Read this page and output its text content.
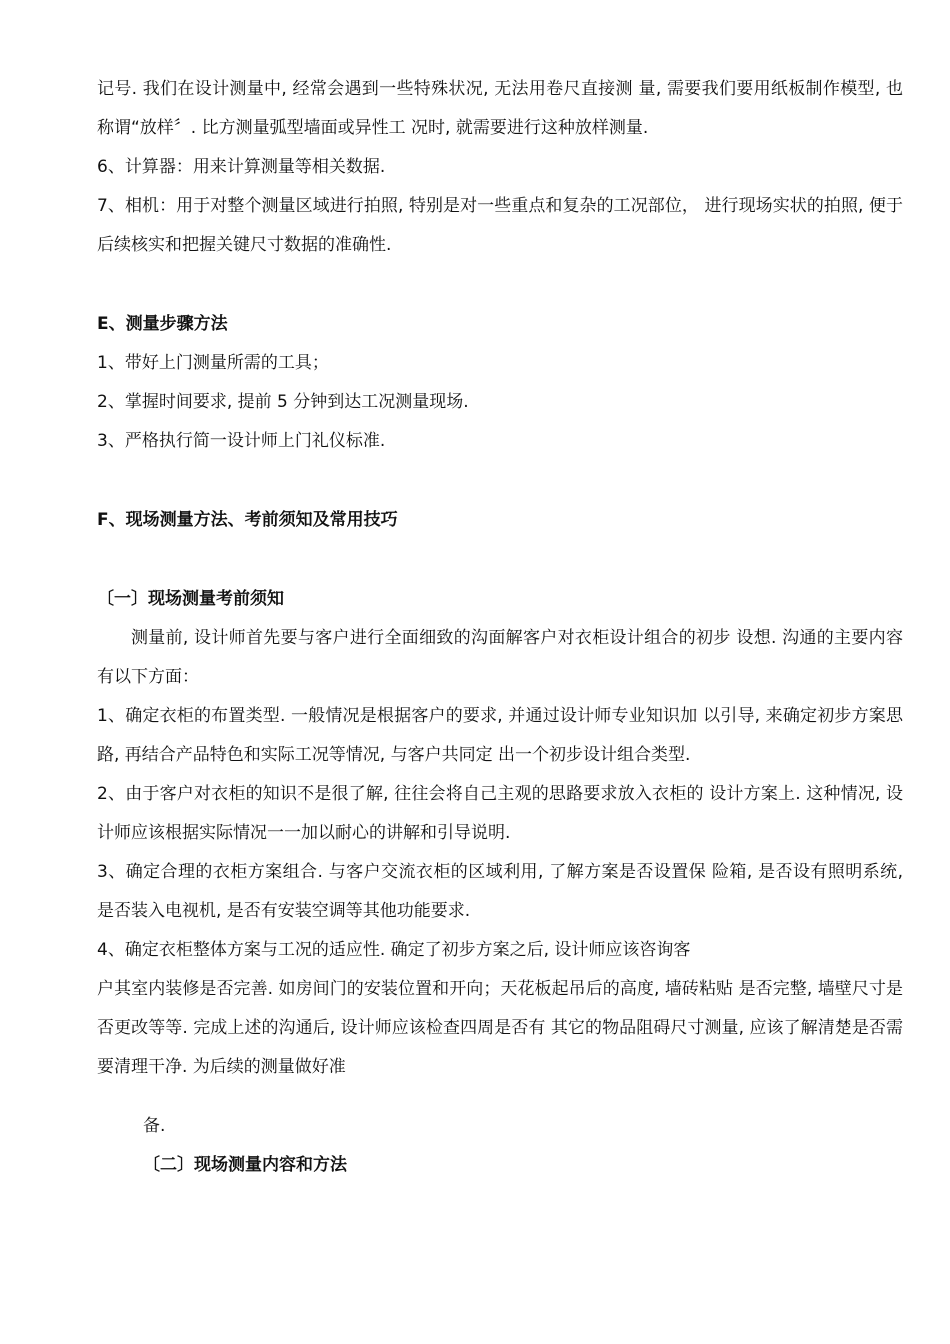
记号. 我们在设计测量中, 经常会遇到一些特殊状况, 无法用卷尺直接测 量, 需要我们要用纸板制作模型, 也称谓“放样〞. 比方测量弧型墙面或异性工 况时, 就需要进行这种放样测量.

6、计算器：用来计算测量等相关数据.

7、相机：用于对整个测量区域进行拍照, 特别是对一些重点和复杂的工况部位， 进行现场实状的拍照, 便于后续核实和把握关键尺寸数据的准确性.

E、测量步骤方法

1、带好上门测量所需的工具；

2、掌握时间要求, 提前 5 分钟到达工况测量现场.

3、严格执行简一设计师上门礼仪标准.

F、现场测量方法、考前须知及常用技巧

〔一〕现场测量考前须知

测量前, 设计师首先要与客户进行全面细致的沟面解客户对衣柜设计组合的初步 设想. 沟通的主要内容有以下方面：

1、确定衣柜的布置类型. 一般情况是根据客户的要求, 并通过设计师专业知识加 以引导, 来确定初步方案思路, 再结合产品特色和实际工况等情况, 与客户共同定 出一个初步设计组合类型.

2、由于客户对衣柜的知识不是很了解, 往往会将自己主观的思路要求放入衣柜的 设计方案上. 这种情况, 设计师应该根据实际情况一一加以耐心的讲解和引导说明.

3、确定合理的衣柜方案组合. 与客户交流衣柜的区域利用, 了解方案是否设置保 险箱, 是否设有照明系统, 是否装入电视机, 是否有安装空调等其他功能要求.

4、确定衣柜整体方案与工况的适应性. 确定了初步方案之后, 设计师应该咨询客

户其室内装修是否完善. 如房间门的安装位置和开向；天花板起吊后的高度, 墙砖粘贴 是否完整, 墙壁尺寸是否更改等等. 完成上述的沟通后, 设计师应该检查四周是否有 其它的物品阻碍尺寸测量, 应该了解清楚是否需要清理干净. 为后续的测量做好准

备.

〔二〕现场测量内容和方法
